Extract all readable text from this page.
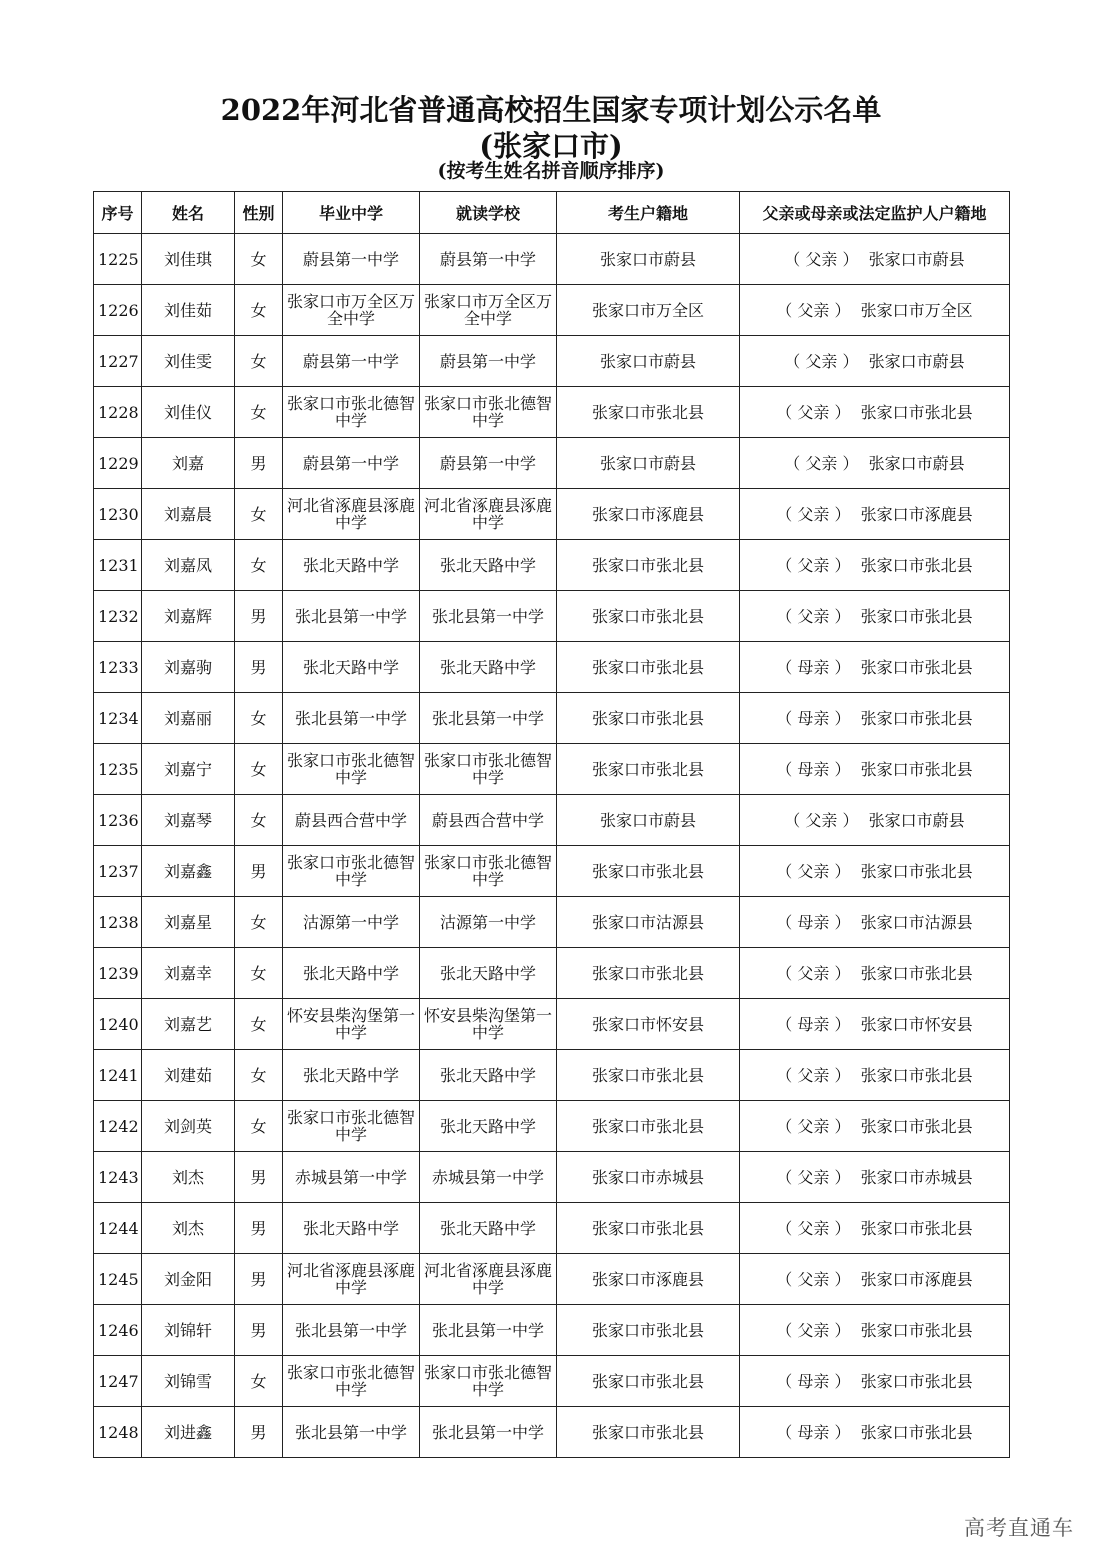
2022年河北省普通高校招生国家专项计划公示名单
(张家口市)
(按考生姓名拼音顺序排序)
序号	姓名	性别	毕业中学	就读学校	考生户籍地	父亲或母亲或法定监护人户籍地
1225	刘佳琪	女	蔚县第一中学	蔚县第一中学	张家口市蔚县	（ 父亲 ）  张家口市蔚县
1226	刘佳茹	女	张家口市万全区万全中学	张家口市万全区万全中学	张家口市万全区	（ 父亲 ）  张家口市万全区
1227	刘佳雯	女	蔚县第一中学	蔚县第一中学	张家口市蔚县	（ 父亲 ）  张家口市蔚县
1228	刘佳仪	女	张家口市张北德智中学	张家口市张北德智中学	张家口市张北县	（ 父亲 ）  张家口市张北县
1229	刘嘉	男	蔚县第一中学	蔚县第一中学	张家口市蔚县	（ 父亲 ）  张家口市蔚县
1230	刘嘉晨	女	河北省涿鹿县涿鹿中学	河北省涿鹿县涿鹿中学	张家口市涿鹿县	（ 父亲 ）  张家口市涿鹿县
1231	刘嘉凤	女	张北天路中学	张北天路中学	张家口市张北县	（ 父亲 ）  张家口市张北县
1232	刘嘉辉	男	张北县第一中学	张北县第一中学	张家口市张北县	（ 父亲 ）  张家口市张北县
1233	刘嘉驹	男	张北天路中学	张北天路中学	张家口市张北县	（ 母亲 ）  张家口市张北县
1234	刘嘉丽	女	张北县第一中学	张北县第一中学	张家口市张北县	（ 母亲 ）  张家口市张北县
1235	刘嘉宁	女	张家口市张北德智中学	张家口市张北德智中学	张家口市张北县	（ 母亲 ）  张家口市张北县
1236	刘嘉琴	女	蔚县西合营中学	蔚县西合营中学	张家口市蔚县	（ 父亲 ）  张家口市蔚县
1237	刘嘉鑫	男	张家口市张北德智中学	张家口市张北德智中学	张家口市张北县	（ 父亲 ）  张家口市张北县
1238	刘嘉星	女	沽源第一中学	沽源第一中学	张家口市沽源县	（ 母亲 ）  张家口市沽源县
1239	刘嘉幸	女	张北天路中学	张北天路中学	张家口市张北县	（ 父亲 ）  张家口市张北县
1240	刘嘉艺	女	怀安县柴沟堡第一中学	怀安县柴沟堡第一中学	张家口市怀安县	（ 母亲 ）  张家口市怀安县
1241	刘建茹	女	张北天路中学	张北天路中学	张家口市张北县	（ 父亲 ）  张家口市张北县
1242	刘剑英	女	张家口市张北德智中学	张北天路中学	张家口市张北县	（ 父亲 ）  张家口市张北县
1243	刘杰	男	赤城县第一中学	赤城县第一中学	张家口市赤城县	（ 父亲 ）  张家口市赤城县
1244	刘杰	男	张北天路中学	张北天路中学	张家口市张北县	（ 父亲 ）  张家口市张北县
1245	刘金阳	男	河北省涿鹿县涿鹿中学	河北省涿鹿县涿鹿中学	张家口市涿鹿县	（ 父亲 ）  张家口市涿鹿县
1246	刘锦轩	男	张北县第一中学	张北县第一中学	张家口市张北县	（ 父亲 ）  张家口市张北县
1247	刘锦雪	女	张家口市张北德智中学	张家口市张北德智中学	张家口市张北县	（ 母亲 ）  张家口市张北县
1248	刘进鑫	男	张北县第一中学	张北县第一中学	张家口市张北县	（ 母亲 ）  张家口市张北县
高考直通车
